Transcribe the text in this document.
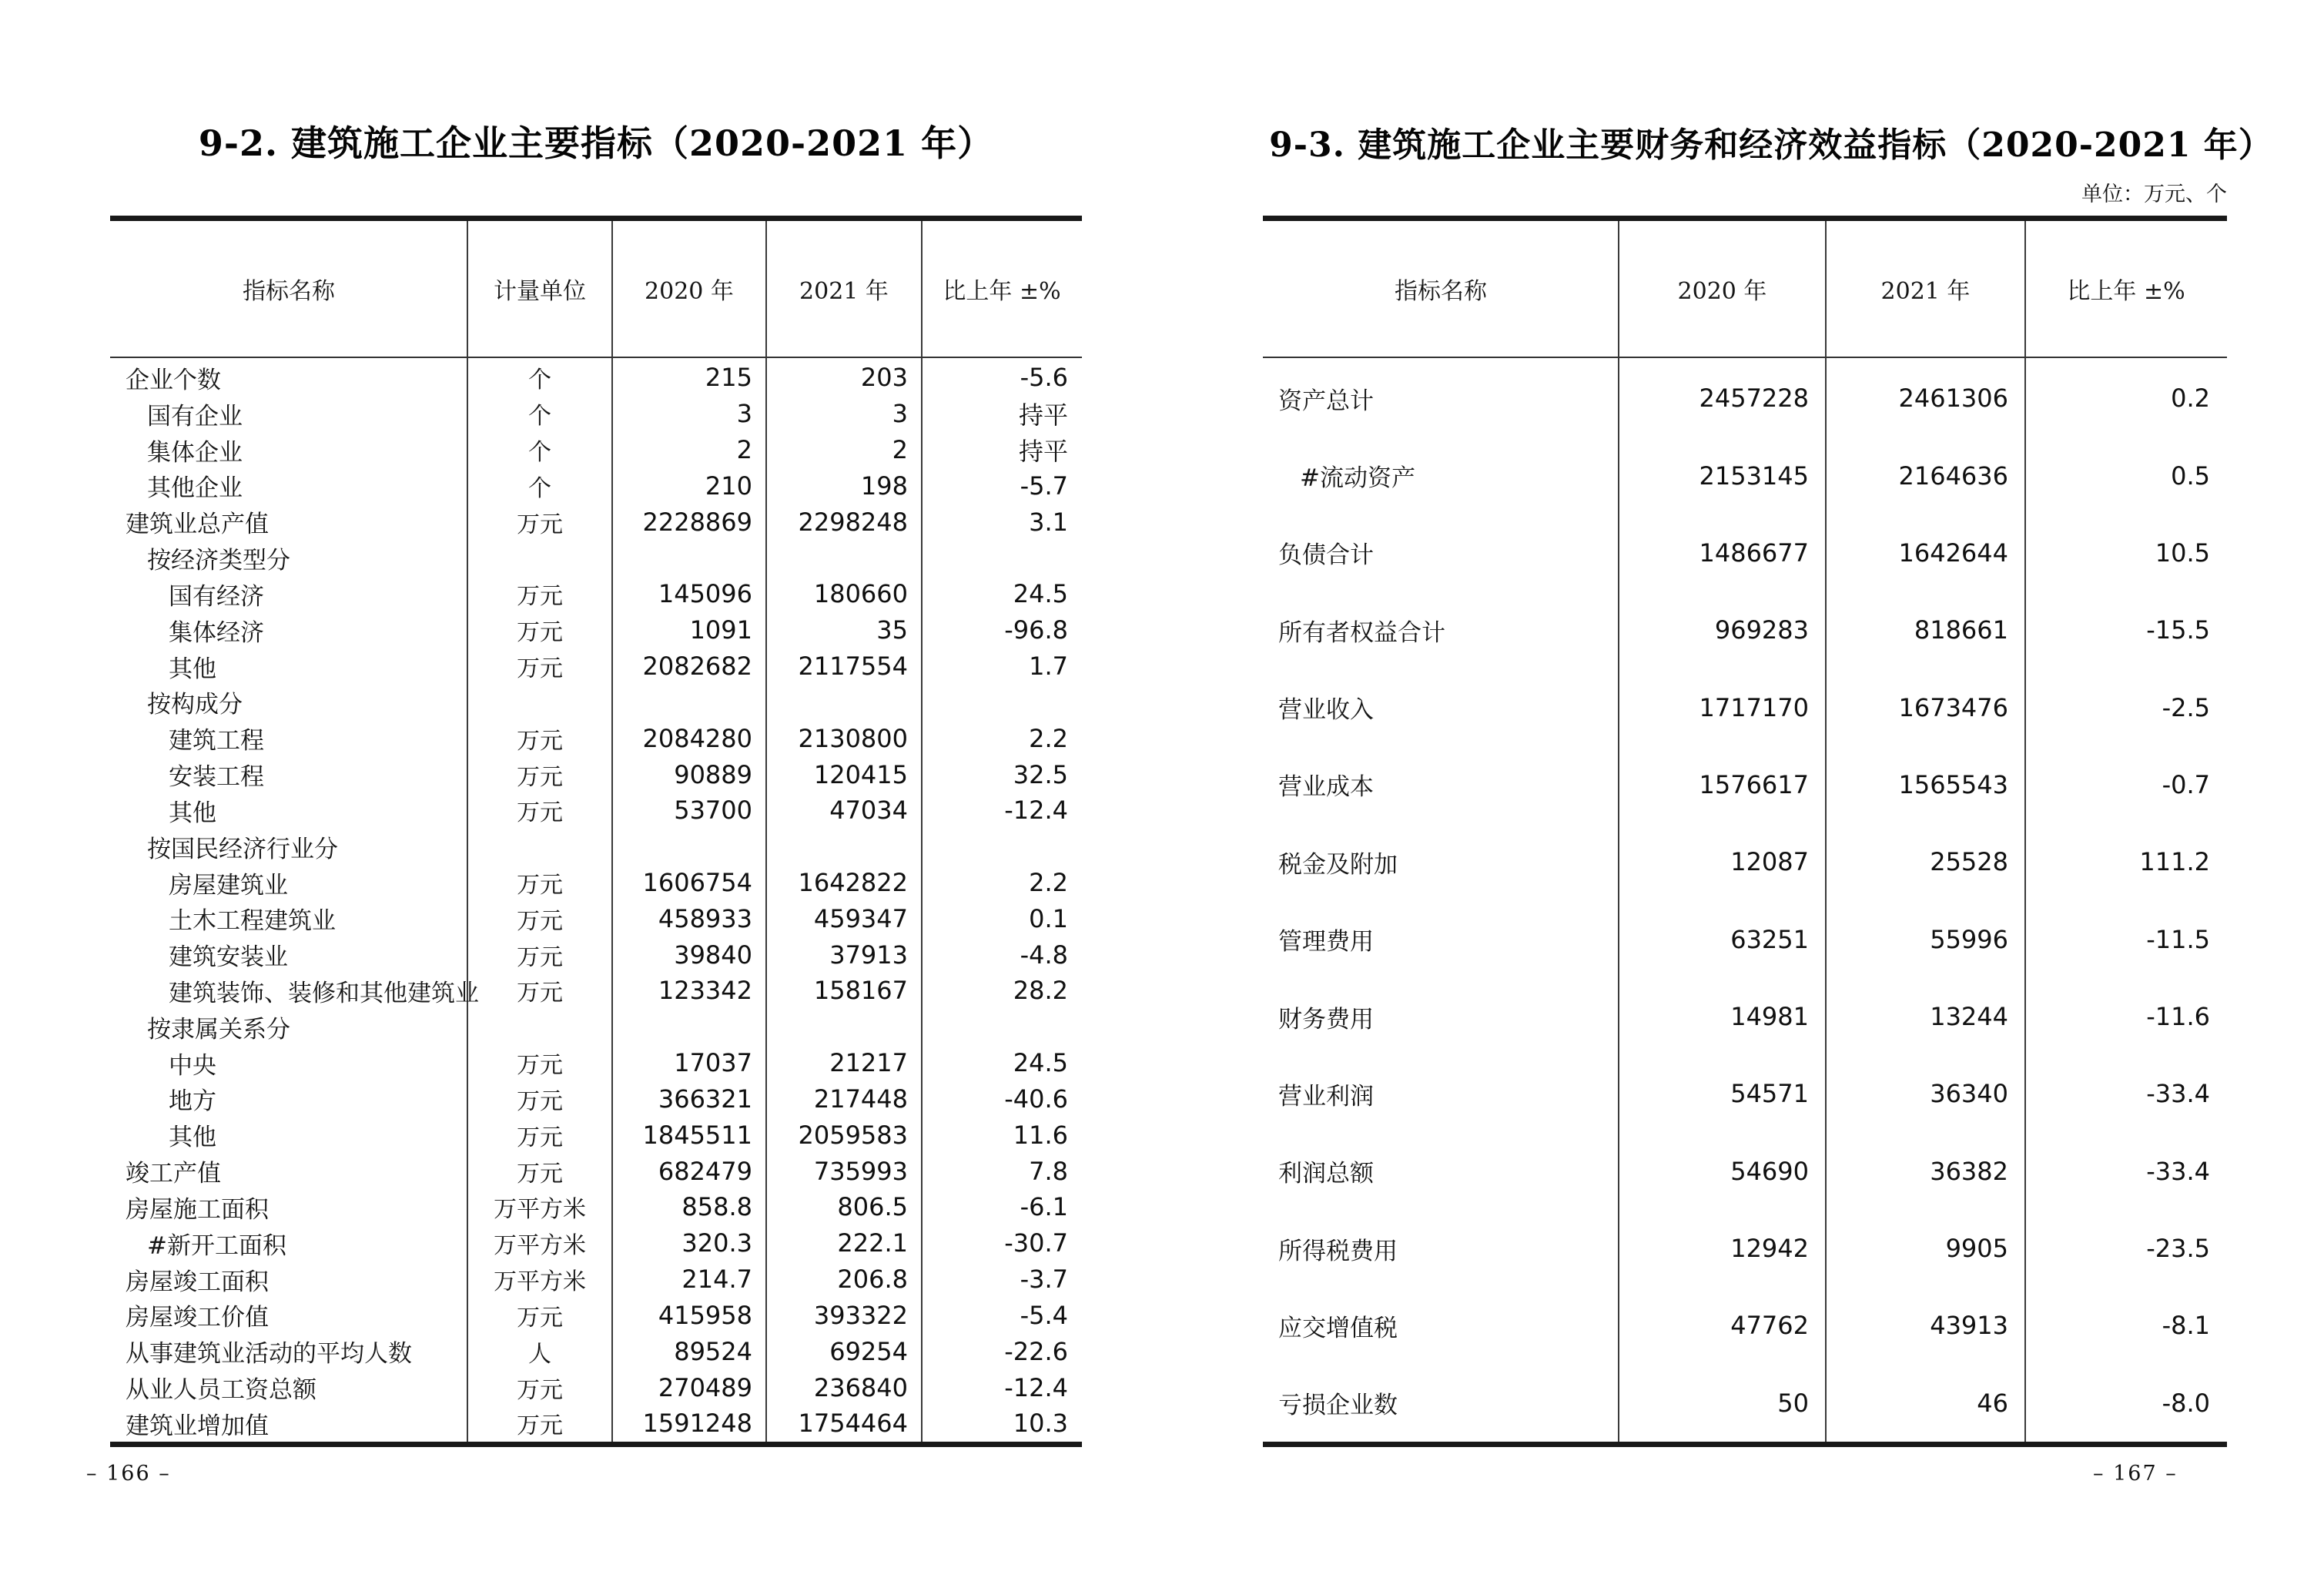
9-2. 建筑施工企业主要指标（2020-2021 年）
指标名称	计量单位	2020 年	2021 年	比上年 ±%
企业个数	个	215	203	-5.6
国有企业	个	3	3	持平
集体企业	个	2	2	持平
其他企业	个	210	198	-5.7
建筑业总产值	万元	2228869	2298248	3.1
按经济类型分
国有经济	万元	145096	180660	24.5
集体经济	万元	1091	35	-96.8
其他	万元	2082682	2117554	1.7
按构成分
建筑工程	万元	2084280	2130800	2.2
安装工程	万元	90889	120415	32.5
其他	万元	53700	47034	-12.4
按国民经济行业分
房屋建筑业	万元	1606754	1642822	2.2
土木工程建筑业	万元	458933	459347	0.1
建筑安装业	万元	39840	37913	-4.8
建筑装饰、装修和其他建筑业	万元	123342	158167	28.2
按隶属关系分
中央	万元	17037	21217	24.5
地方	万元	366321	217448	-40.6
其他	万元	1845511	2059583	11.6
竣工产值	万元	682479	735993	7.8
房屋施工面积	万平方米	858.8	806.5	-6.1
#新开工面积	万平方米	320.3	222.1	-30.7
房屋竣工面积	万平方米	214.7	206.8	-3.7
房屋竣工价值	万元	415958	393322	-5.4
从事建筑业活动的平均人数	人	89524	69254	-22.6
从业人员工资总额	万元	270489	236840	-12.4
建筑业增加值	万元	1591248	1754464	10.3
– 166 –
9-3. 建筑施工企业主要财务和经济效益指标（2020-2021 年）
单位：万元、个
指标名称	2020 年	2021 年	比上年 ±%
资产总计	2457228	2461306	0.2
#流动资产	2153145	2164636	0.5
负债合计	1486677	1642644	10.5
所有者权益合计	969283	818661	-15.5
营业收入	1717170	1673476	-2.5
营业成本	1576617	1565543	-0.7
税金及附加	12087	25528	111.2
管理费用	63251	55996	-11.5
财务费用	14981	13244	-11.6
营业利润	54571	36340	-33.4
利润总额	54690	36382	-33.4
所得税费用	12942	9905	-23.5
应交增值税	47762	43913	-8.1
亏损企业数	50	46	-8.0
– 167 –
